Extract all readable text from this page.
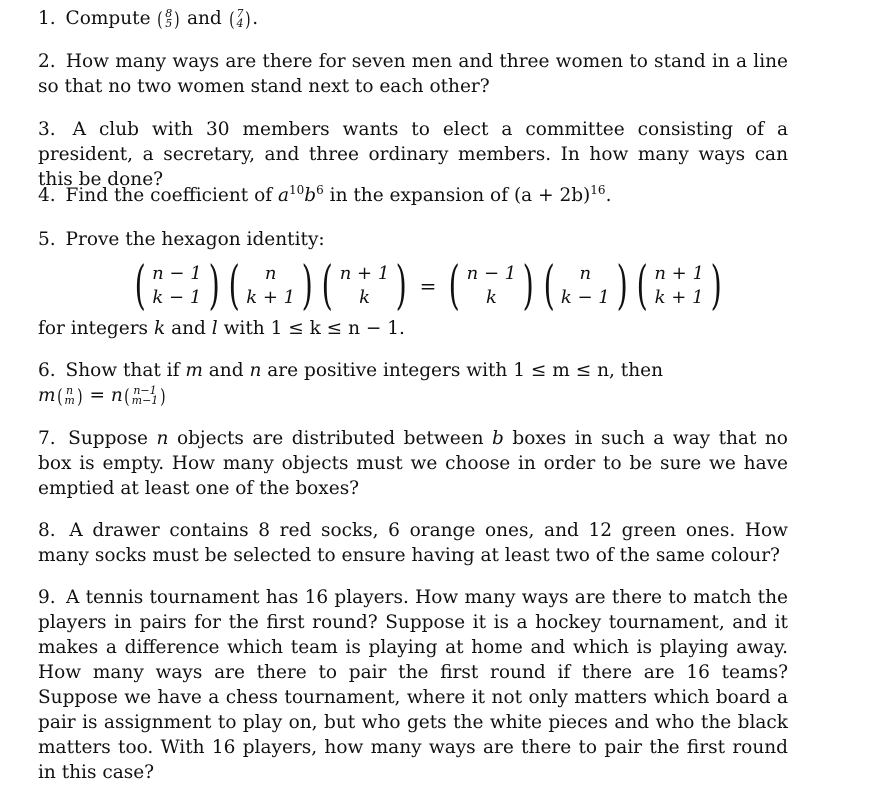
1. Compute ( 8
5 ) and ( 7
4 ) .
2. How many ways are there for seven men and three women to stand in a line so that no two women stand next to each other?
3. A club with 30 members wants to elect a committee consisting of a president, a secretary, and three ordinary members. In how many ways can this be done?
4. Find the coefficient of $a^{10}b^6$ in the expansion of $(a + 2b)^{16}$.
5. Prove the hexagon identity:
( n − 1
k − 1 ) ( n
k + 1 ) ( n + 1
k ) = ( n − 1
k ) ( n
k − 1 ) ( n + 1
k + 1 )
for integers k and l with 1 ≤ k ≤ n − 1.
6. Show that if m and n are positive integers with 1 ≤ m ≤ n, then
m ( n
m ) = n ( n−1
m−1 )
7. Suppose n objects are distributed between b boxes in such a way that no box is empty. How many objects must we choose in order to be sure we have emptied at least one of the boxes?
8. A drawer contains 8 red socks, 6 orange ones, and 12 green ones. How many socks must be selected to ensure having at least two of the same colour?
9. A tennis tournament has 16 players. How many ways are there to match the players in pairs for the first round? Suppose it is a hockey tournament, and it makes a difference which team is playing at home and which is playing away. How many ways are there to pair the first round if there are 16 teams? Suppose we have a chess tournament, where it not only matters which board a pair is assignment to play on, but who gets the white pieces and who the black matters too. With 16 players, how many ways are there to pair the first round in this case?
